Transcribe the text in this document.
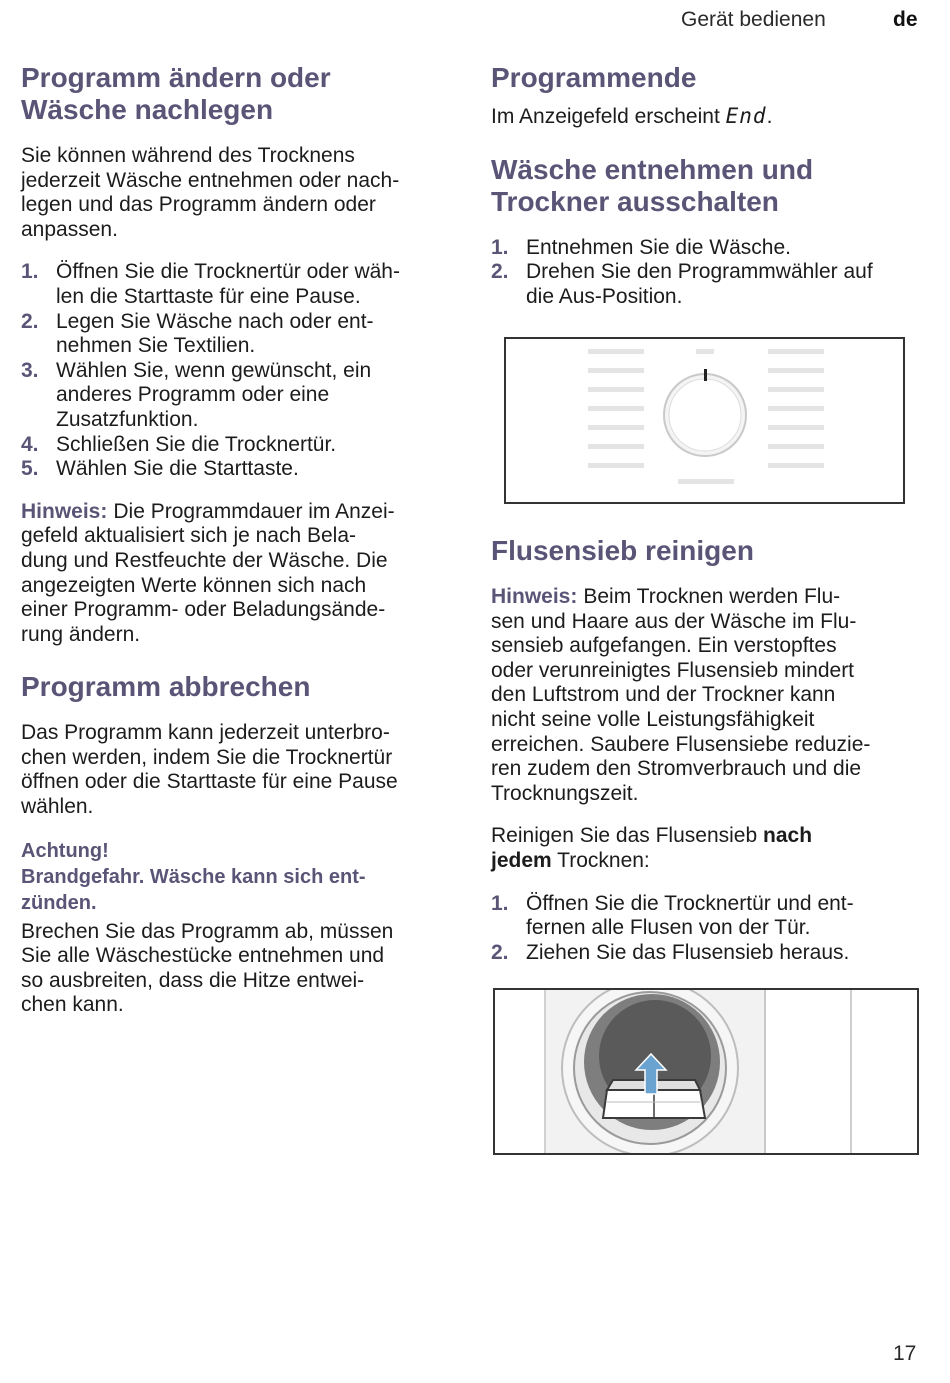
Gerät bedienen	de
Programm ändern oder
Wäsche nachlegen

Sie können während des Trocknens
jederzeit Wäsche entnehmen oder nach-
legen und das Programm ändern oder
anpassen.

1. Öffnen Sie die Trocknertür oder wäh-
len die Starttaste für eine Pause.
2. Legen Sie Wäsche nach oder ent-
nehmen Sie Textilien.
3. Wählen Sie, wenn gewünscht, ein
anderes Programm oder eine
Zusatzfunktion.
4. Schließen Sie die Trocknertür.
5. Wählen Sie die Starttaste.

Hinweis: Die Programmdauer im Anzei-
gefeld aktualisiert sich je nach Bela-
dung und Restfeuchte der Wäsche. Die
angezeigten Werte können sich nach
einer Programm- oder Beladungsände-
rung ändern.

Programm abbrechen

Das Programm kann jederzeit unterbro-
chen werden, indem Sie die Trocknertür
öffnen oder die Starttaste für eine Pause
wählen.

Achtung!
Brandgefahr. Wäsche kann sich ent-
zünden.

Brechen Sie das Programm ab, müssen
Sie alle Wäschestücke entnehmen und
so ausbreiten, dass die Hitze entwei-
chen kann.

Programmende

Im Anzeigefeld erscheint End.

Wäsche entnehmen und
Trockner ausschalten
1. Entnehmen Sie die Wäsche.
2. Drehen Sie den Programmwähler auf
die Aus-Position.
Flusensieb reinigen

Hinweis: Beim Trocknen werden Flu-
sen und Haare aus der Wäsche im Flu-
sensieb aufgefangen. Ein verstopftes
oder verunreinigtes Flusensieb mindert
den Luftstrom und der Trockner kann
nicht seine volle Leistungsfähigkeit
erreichen. Saubere Flusensiebe reduzie-
ren zudem den Stromverbrauch und die
Trocknungszeit.

Reinigen Sie das Flusensieb nach
jedem Trocknen:

1. Öffnen Sie die Trocknertür und ent-
fernen alle Flusen von der Tür.
2. Ziehen Sie das Flusensieb heraus.
17
